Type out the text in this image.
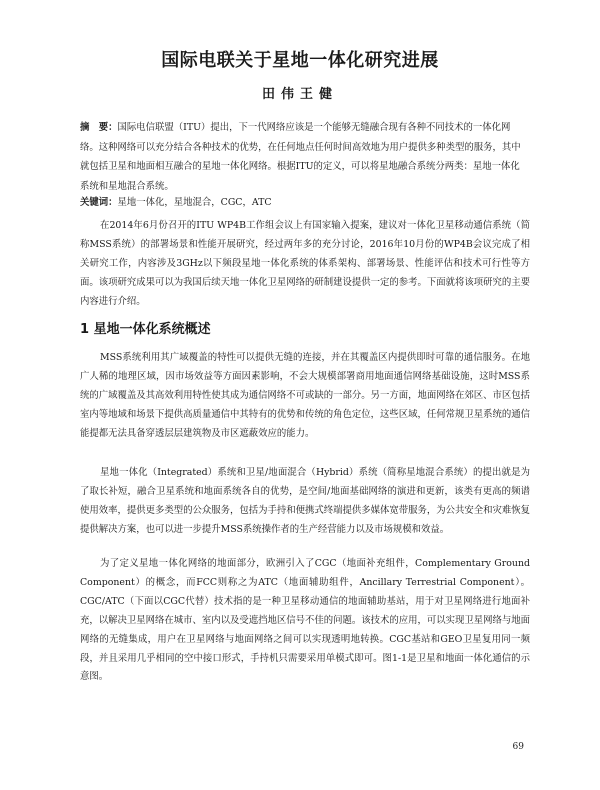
国际电联关于星地一体化研究进展
田伟王健
摘　要：国际电信联盟（ITU）提出，下一代网络应该是一个能够无缝融合现有各种不同技术的一体化网络。这种网络可以充分结合各种技术的优势，在任何地点任何时间高效地为用户提供多种类型的服务，其中就包括卫星和地面相互融合的星地一体化网络。根据ITU的定义，可以将星地融合系统分两类：星地一体化系统和星地混合系统。
关键词：星地一体化，星地混合，CGC，ATC

在2014年6月份召开的ITU WP4B工作组会议上有国家输入提案，建议对一体化卫星移动通信系统（简称MSS系统）的部署场景和性能开展研究，经过两年多的充分讨论，2016年10月份的WP4B会议完成了相关研究工作，内容涉及3GHz以下频段星地一体化系统的体系架构、部署场景、性能评估和技术可行性等方面。该项研究成果可以为我国后续天地一体化卫星网络的研制建设提供一定的参考。下面就将该项研究的主要内容进行介绍。

1 星地一体化系统概述

MSS系统利用其广域覆盖的特性可以提供无缝的连接，并在其覆盖区内提供即时可靠的通信服务。在地广人稀的地理区域，因市场效益等方面因素影响，不会大规模部署商用地面通信网络基础设施，这时MSS系统的广域覆盖及其高效利用特性使其成为通信网络不可或缺的一部分。另一方面，地面网络在郊区、市区包括室内等地域和场景下提供高质量通信中其特有的优势和传统的角色定位，这些区域，任何常规卫星系统的通信能提都无法具备穿透层层建筑物及市区遮蔽效应的能力。

星地一体化（Integrated）系统和卫星/地面混合（Hybrid）系统（简称星地混合系统）的提出就是为了取长补短，融合卫星系统和地面系统各自的优势，是空间/地面基础网络的演进和更新，该类有更高的频谱使用效率，提供更多类型的公众服务，包括为手持和便携式终端提供多媒体宽带服务，为公共安全和灾难恢复提供解决方案，也可以进一步提升MSS系统操作者的生产经营能力以及市场规模和效益。

为了定义星地一体化网络的地面部分，欧洲引入了CGC（地面补充组件，Complementary Ground Component）的概念，而FCC则称之为ATC（地面辅助组件，Ancillary Terrestrial Component）。CGC/ATC（下面以CGC代替）技术指的是一种卫星移动通信的地面辅助基站，用于对卫星网络进行地面补充，以解决卫星网络在城市、室内以及受遮挡地区信号不佳的问题。该技术的应用，可以实现卫星网络与地面网络的无缝集成，用户在卫星网络与地面网络之间可以实现透明地转换。CGC基站和GEO卫星复用同一频段，并且采用几乎相同的空中接口形式，手持机只需要采用单模式即可。图1-1是卫星和地面一体化通信的示意图。

69
